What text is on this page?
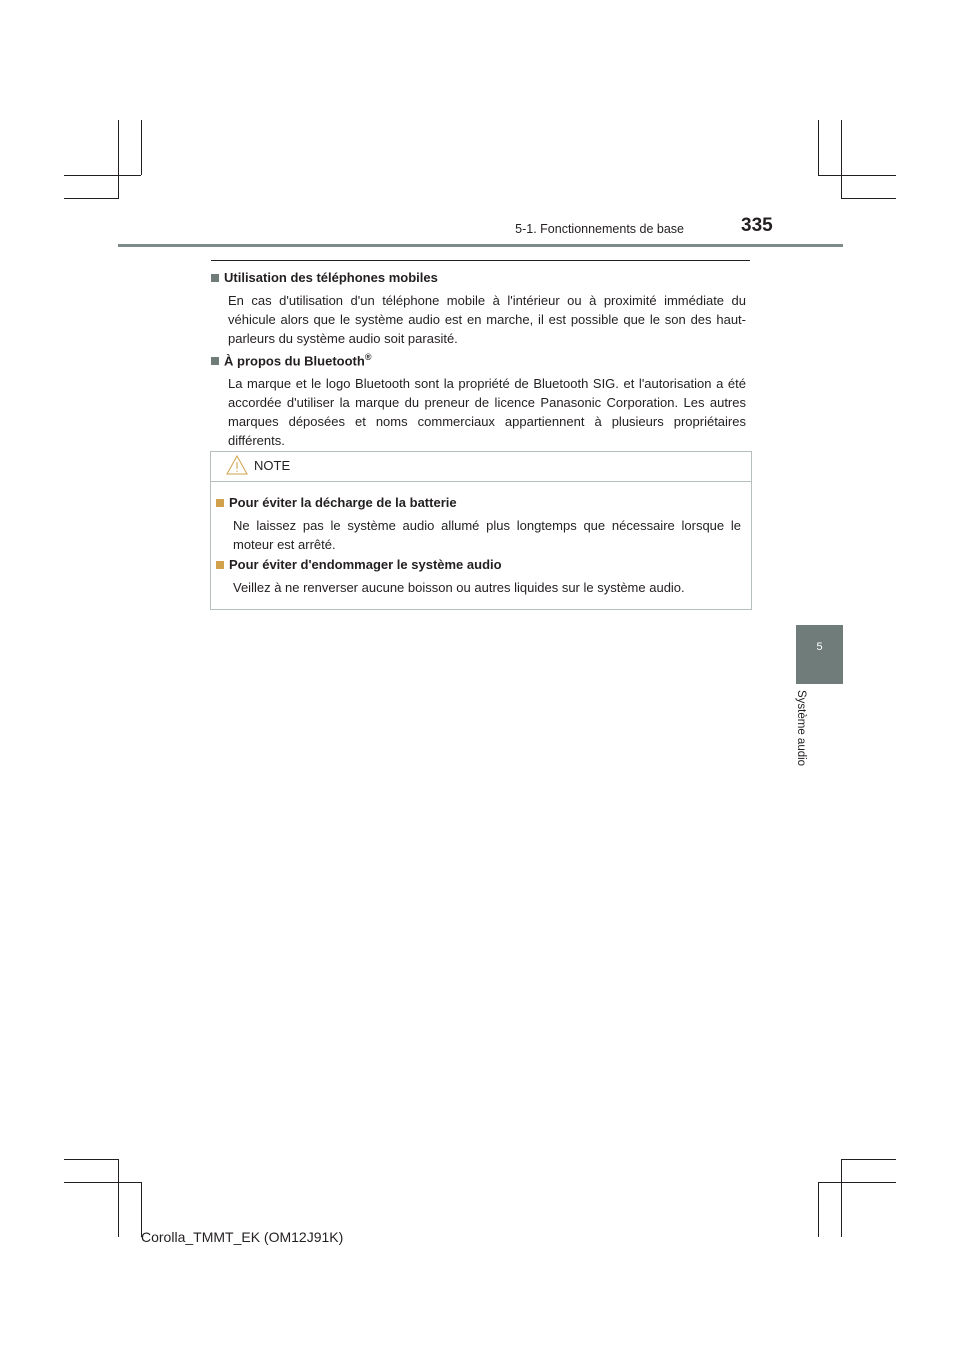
5-1. Fonctionnements de base	335
5
Système audio

Utilisation des téléphones mobiles

En cas d'utilisation d'un téléphone mobile à l'intérieur ou à proximité immédiate du véhicule alors que le système audio est en marche, il est possible que le son des haut-parleurs du système audio soit parasité.

À propos du Bluetooth®

La marque et le logo Bluetooth sont la propriété de Bluetooth SIG. et l'autorisation a été accordée d'utiliser la marque du preneur de licence Panasonic Corporation. Les autres marques déposées et noms commerciaux appartiennent à plusieurs propriétaires différents.

NOTE

Pour éviter la décharge de la batterie

Ne laissez pas le système audio allumé plus longtemps que nécessaire lorsque le moteur est arrêté.

Pour éviter d'endommager le système audio

Veillez à ne renverser aucune boisson ou autres liquides sur le système audio.

Corolla_TMMT_EK (OM12J91K)
